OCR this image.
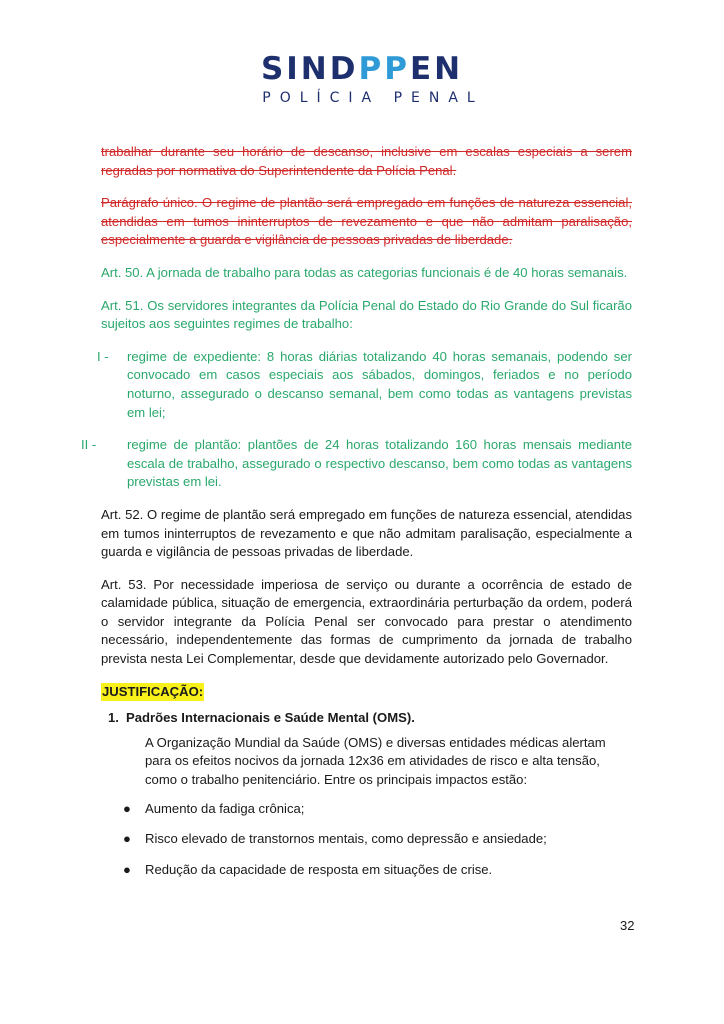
SINDPPEN
POLÍCIA PENAL

trabalhar durante seu horário de descanso, inclusive em escalas especiais a serem regradas por normativa do Superintendente da Polícia Penal.

Parágrafo único. O regime de plantão será empregado em funções de natureza essencial, atendidas em tumos ininterruptos de revezamento e que não admitam paralisação, especialmente a guarda e vigilância de pessoas privadas de liberdade.

Art. 50. A jornada de trabalho para todas as categorias funcionais é de 40 horas semanais.

Art. 51. Os servidores integrantes da Polícia Penal do Estado do Rio Grande do Sul ficarão sujeitos aos seguintes regimes de trabalho:

I -	regime de expediente: 8 horas diárias totalizando 40 horas semanais, podendo ser convocado em casos especiais aos sábados, domingos, feriados e no período noturno, assegurado o descanso semanal, bem como todas as vantagens previstas em lei;
II -	regime de plantão: plantões de 24 horas totalizando 160 horas mensais mediante escala de trabalho, assegurado o respectivo descanso, bem como todas as vantagens previstas em lei.

Art. 52. O regime de plantão será empregado em funções de natureza essencial, atendidas em tumos ininterruptos de revezamento e que não admitam paralisação, especialmente a guarda e vigilância de pessoas privadas de liberdade.

Art. 53. Por necessidade imperiosa de serviço ou durante a ocorrência de estado de calamidade pública, situação de emergencia, extraordinária perturbação da ordem, poderá o servidor integrante da Polícia Penal ser convocado para prestar o atendimento necessário, independentemente das formas de cumprimento da jornada de trabalho prevista nesta Lei Complementar, desde que devidamente autorizado pelo Governador.

JUSTIFICAÇÃO:
1. Padrões Internacionais e Saúde Mental (OMS).

A Organização Mundial da Saúde (OMS) e diversas entidades médicas alertam para os efeitos nocivos da jornada 12x36 em atividades de risco e alta tensão, como o trabalho penitenciário. Entre os principais impactos estão:

● Aumento da fadiga crônica;
● Risco elevado de transtornos mentais, como depressão e ansiedade;
● Redução da capacidade de resposta em situações de crise.
32
